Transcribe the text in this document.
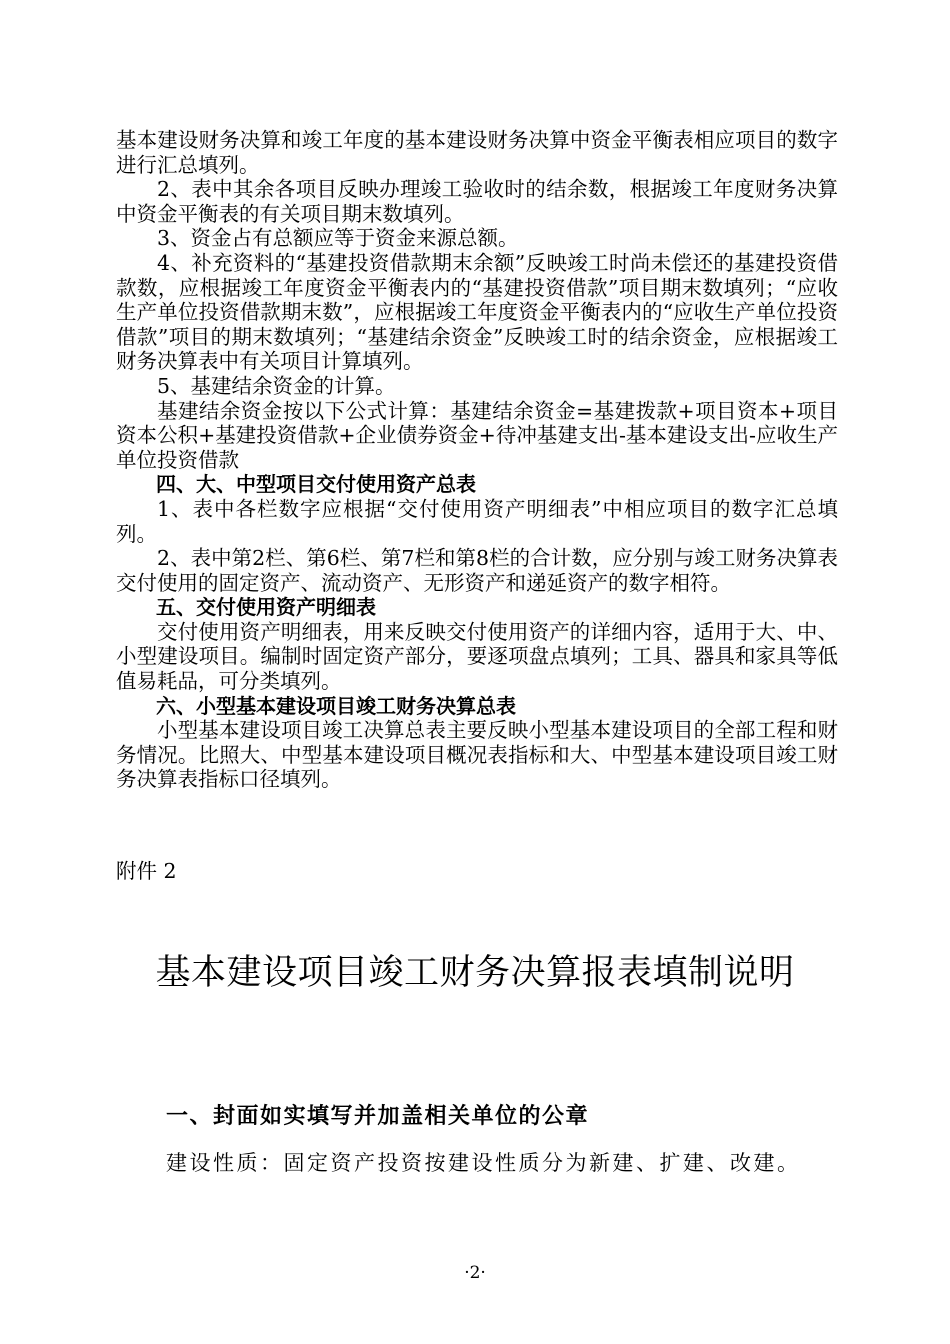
基本建设财务决算和竣工年度的基本建设财务决算中资金平衡表相应项目的数字进行汇总填列。

2、表中其余各项目反映办理竣工验收时的结余数，根据竣工年度财务决算中资金平衡表的有关项目期末数填列。

3、资金占有总额应等于资金来源总额。

4、补充资料的“基建投资借款期末余额”反映竣工时尚未偿还的基建投资借款数，应根据竣工年度资金平衡表内的“基建投资借款”项目期末数填列；“应收生产单位投资借款期末数”，应根据竣工年度资金平衡表内的“应收生产单位投资借款”项目的期末数填列；“基建结余资金”反映竣工时的结余资金，应根据竣工财务决算表中有关项目计算填列。

5、基建结余资金的计算。

基建结余资金按以下公式计算：基建结余资金=基建拨款+项目资本+项目资本公积+基建投资借款+企业债券资金+待冲基建支出-基本建设支出-应收生产单位投资借款

四、大、中型项目交付使用资产总表

1、表中各栏数字应根据“交付使用资产明细表”中相应项目的数字汇总填列。

2、表中第2栏、第6栏、第7栏和第8栏的合计数，应分别与竣工财务决算表交付使用的固定资产、流动资产、无形资产和递延资产的数字相符。

五、交付使用资产明细表

交付使用资产明细表，用来反映交付使用资产的详细内容，适用于大、中、小型建设项目。编制时固定资产部分，要逐项盘点填列；工具、器具和家具等低值易耗品，可分类填列。

六、小型基本建设项目竣工财务决算总表

小型基本建设项目竣工决算总表主要反映小型基本建设项目的全部工程和财务情况。比照大、中型基本建设项目概况表指标和大、中型基本建设项目竣工财务决算表指标口径填列。

附件 2
基本建设项目竣工财务决算报表填制说明
一、封面如实填写并加盖相关单位的公章
建设性质：固定资产投资按建设性质分为新建、扩建、改建。
·2·
